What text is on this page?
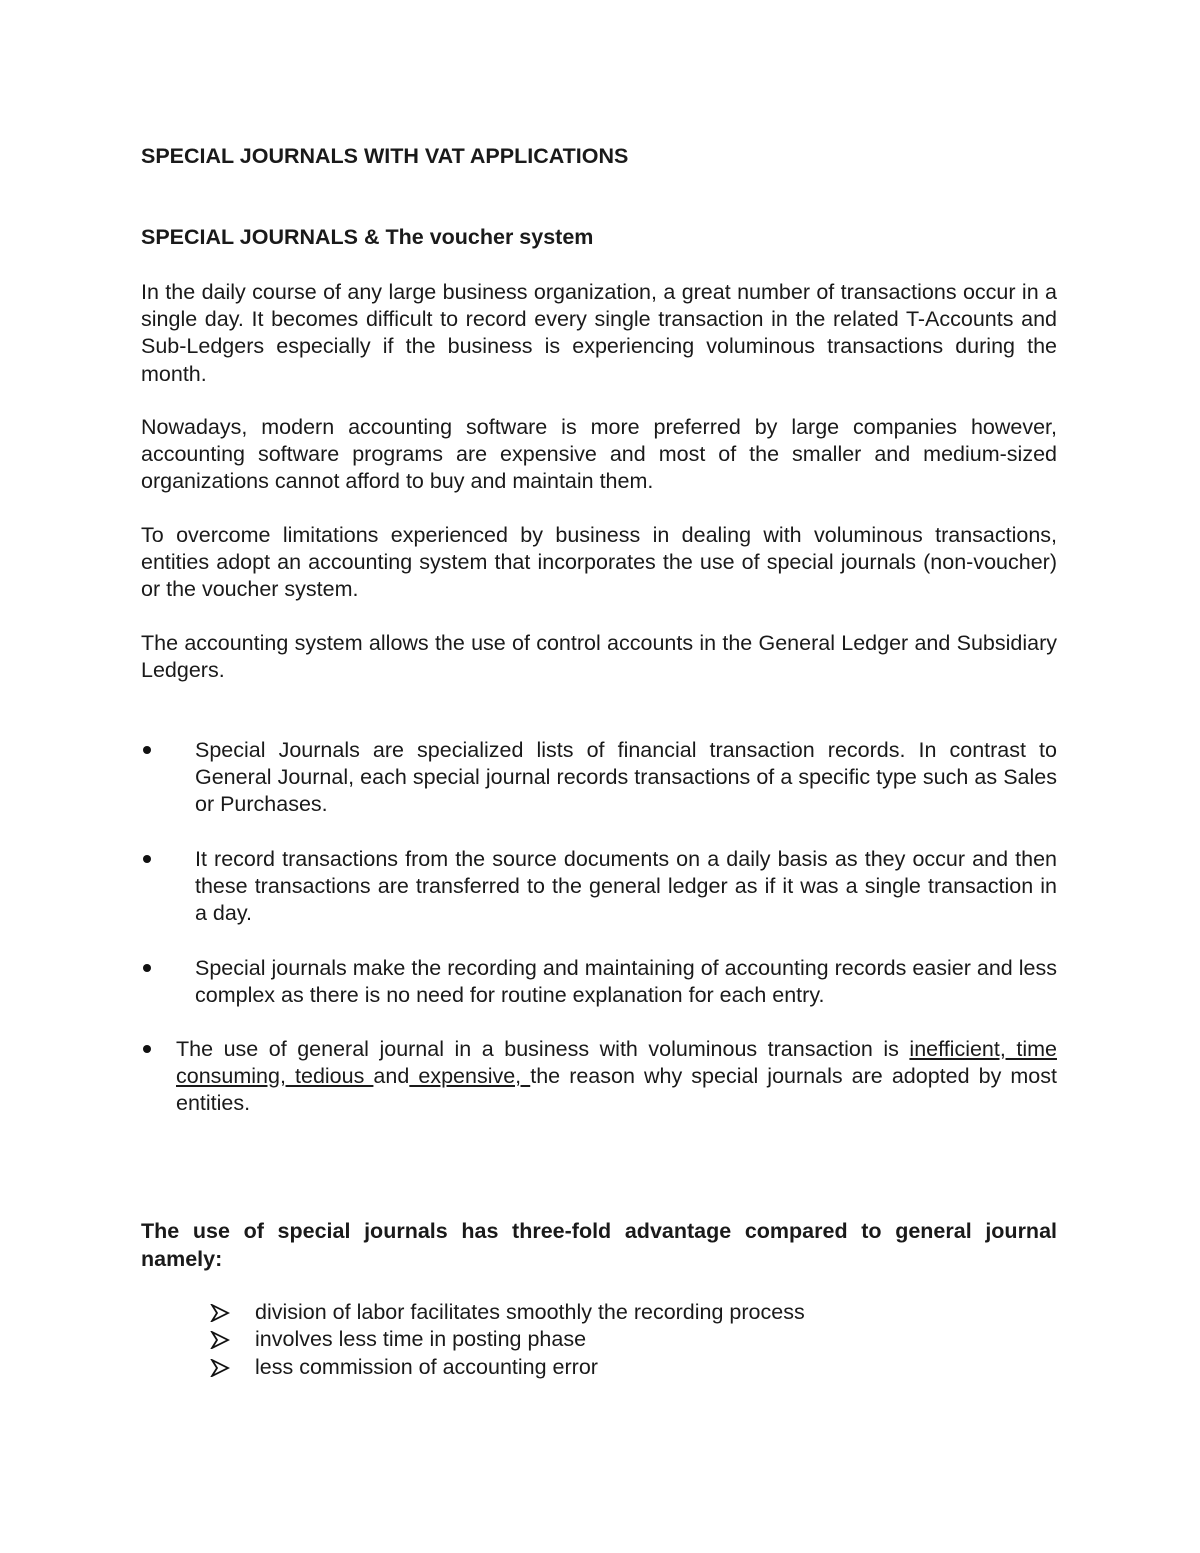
SPECIAL JOURNALS WITH VAT APPLICATIONS
SPECIAL JOURNALS & The voucher system

In the daily course of any large business organization, a great number of transactions occur in a single day. It becomes difficult to record every single transaction in the related T-Accounts and Sub-Ledgers especially if the business is experiencing voluminous transactions during the month.

Nowadays, modern accounting software is more preferred by large companies however, accounting software programs are expensive and most of the smaller and medium-sized organizations cannot afford to buy and maintain them.

To overcome limitations experienced by business in dealing with voluminous transactions, entities adopt an accounting system that incorporates the use of special journals (non-voucher) or the voucher system.

The accounting system allows the use of control accounts in the General Ledger and Subsidiary Ledgers.

Special Journals are specialized lists of financial transaction records. In contrast to General Journal, each special journal records transactions of a specific type such as Sales or Purchases.

It record transactions from the source documents on a daily basis as they occur and then these transactions are transferred to the general ledger as if it was a single transaction in a day.

Special journals make the recording and maintaining of accounting records easier and less complex as there is no need for routine explanation for each entry.

The use of general journal in a business with voluminous transaction is inefficient, time consuming, tedious and expensive, the reason why special journals are adopted by most entities.

The use of special journals has three-fold advantage compared to general journal namely:

division of labor facilitates smoothly the recording process
involves less time in posting phase
less commission of accounting error
